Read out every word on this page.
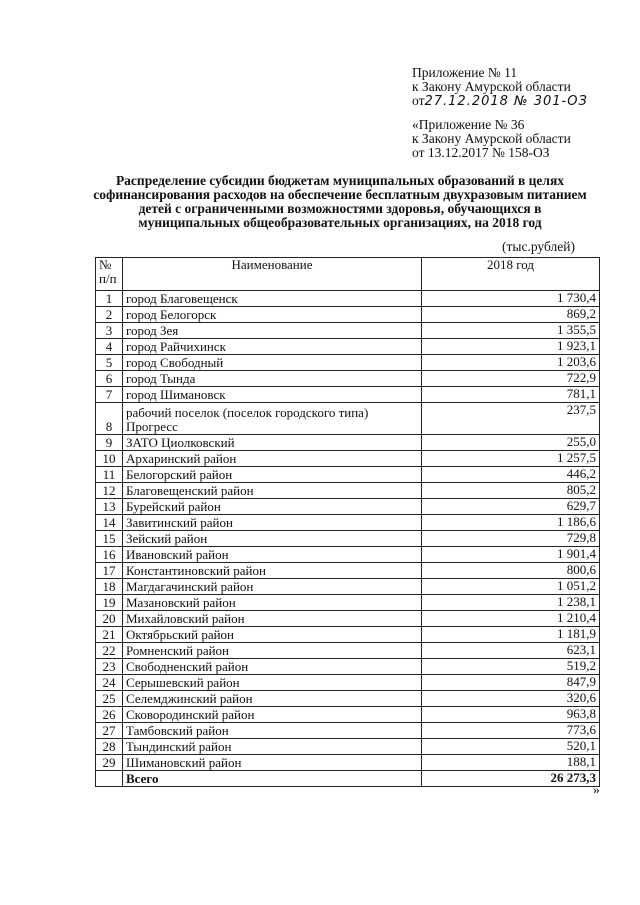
Приложение № 11
к Закону Амурской области
от27.12.2018 № 301-ОЗ
«Приложение № 36
к Закону Амурской области
от 13.12.2017 № 158-ОЗ
Распределение субсидии бюджетам муниципальных образований в целях софинансирования расходов на обеспечение бесплатным двухразовым питанием детей с ограниченными возможностями здоровья, обучающихся в муниципальных общеобразовательных организациях, на 2018 год
(тыс.рублей)
№ п/п	Наименование	2018 год
1	город Благовещенск	1 730,4
2	город Белогорск	869,2
3	город Зея	1 355,5
4	город Райчихинск	1 923,1
5	город Свободный	1 203,6
6	город Тында	722,9
7	город Шимановск	781,1
8	рабочий поселок (поселок городского типа) Прогресс	237,5
9	ЗАТО Циолковский	255,0
10	Архаринский район	1 257,5
11	Белогорский район	446,2
12	Благовещенский район	805,2
13	Бурейский район	629,7
14	Завитинский район	1 186,6
15	Зейский район	729,8
16	Ивановский район	1 901,4
17	Константиновский район	800,6
18	Магдагачинский район	1 051,2
19	Мазановский район	1 238,1
20	Михайловский район	1 210,4
21	Октябрьский район	1 181,9
22	Ромненский район	623,1
23	Свободненский район	519,2
24	Серышевский район	847,9
25	Селемджинский район	320,6
26	Сковородинский район	963,8
27	Тамбовский район	773,6
28	Тындинский район	520,1
29	Шимановский район	188,1
	Всего	26 273,3
»
